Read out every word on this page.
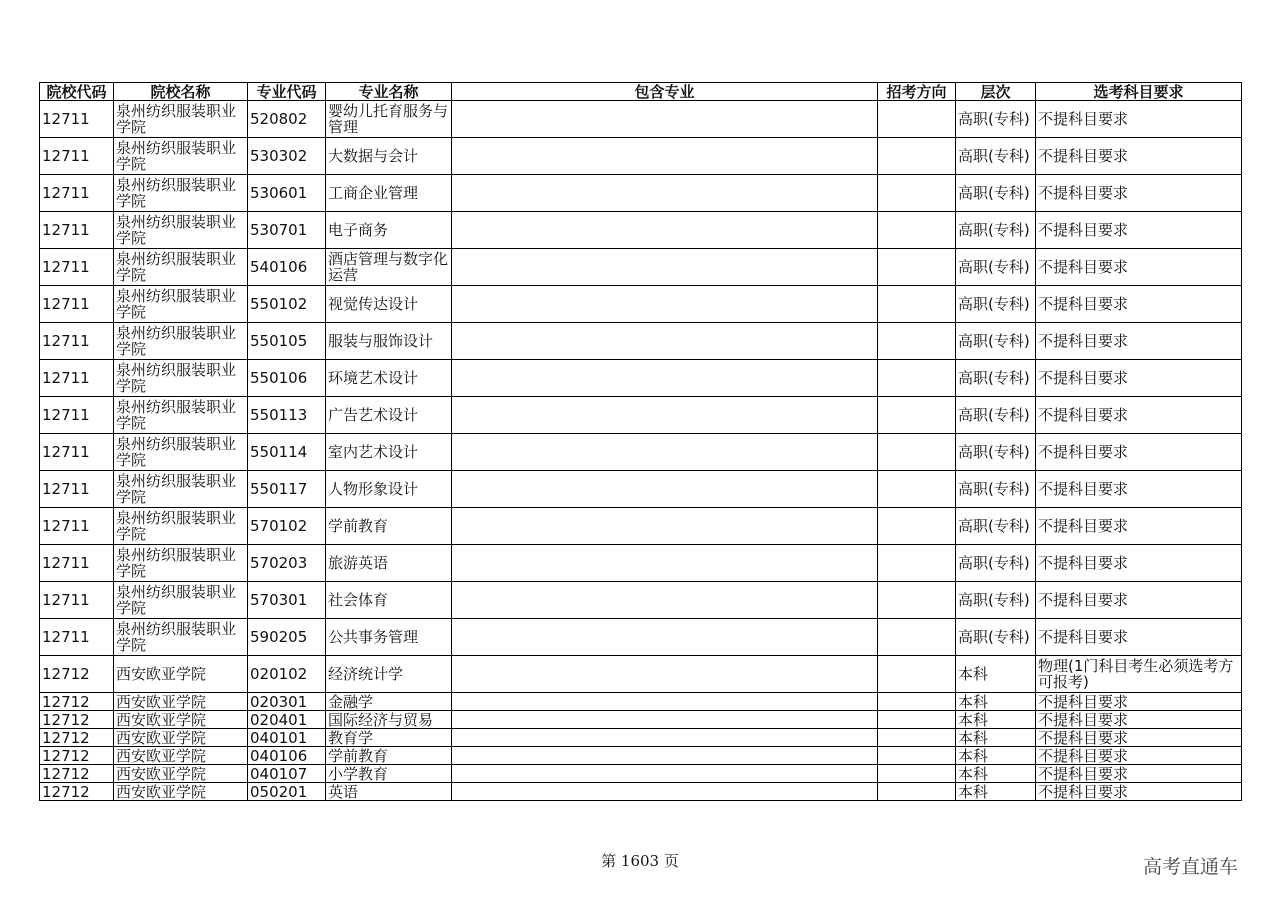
院校代码	院校名称	专业代码	专业名称	包含专业	招考方向	层次	选考科目要求
12711	泉州纺织服装职业学院	520802	婴幼儿托育服务与管理			高职(专科)	不提科目要求
12711	泉州纺织服装职业学院	530302	大数据与会计			高职(专科)	不提科目要求
12711	泉州纺织服装职业学院	530601	工商企业管理			高职(专科)	不提科目要求
12711	泉州纺织服装职业学院	530701	电子商务			高职(专科)	不提科目要求
12711	泉州纺织服装职业学院	540106	酒店管理与数字化运营			高职(专科)	不提科目要求
12711	泉州纺织服装职业学院	550102	视觉传达设计			高职(专科)	不提科目要求
12711	泉州纺织服装职业学院	550105	服装与服饰设计			高职(专科)	不提科目要求
12711	泉州纺织服装职业学院	550106	环境艺术设计			高职(专科)	不提科目要求
12711	泉州纺织服装职业学院	550113	广告艺术设计			高职(专科)	不提科目要求
12711	泉州纺织服装职业学院	550114	室内艺术设计			高职(专科)	不提科目要求
12711	泉州纺织服装职业学院	550117	人物形象设计			高职(专科)	不提科目要求
12711	泉州纺织服装职业学院	570102	学前教育			高职(专科)	不提科目要求
12711	泉州纺织服装职业学院	570203	旅游英语			高职(专科)	不提科目要求
12711	泉州纺织服装职业学院	570301	社会体育			高职(专科)	不提科目要求
12711	泉州纺织服装职业学院	590205	公共事务管理			高职(专科)	不提科目要求
12712	西安欧亚学院	020102	经济统计学			本科	物理(1门科目考生必须选考方可报考)
12712	西安欧亚学院	020301	金融学			本科	不提科目要求
12712	西安欧亚学院	020401	国际经济与贸易			本科	不提科目要求
12712	西安欧亚学院	040101	教育学			本科	不提科目要求
12712	西安欧亚学院	040106	学前教育			本科	不提科目要求
12712	西安欧亚学院	040107	小学教育			本科	不提科目要求
12712	西安欧亚学院	050201	英语			本科	不提科目要求
第 1603 页	高考直通车
